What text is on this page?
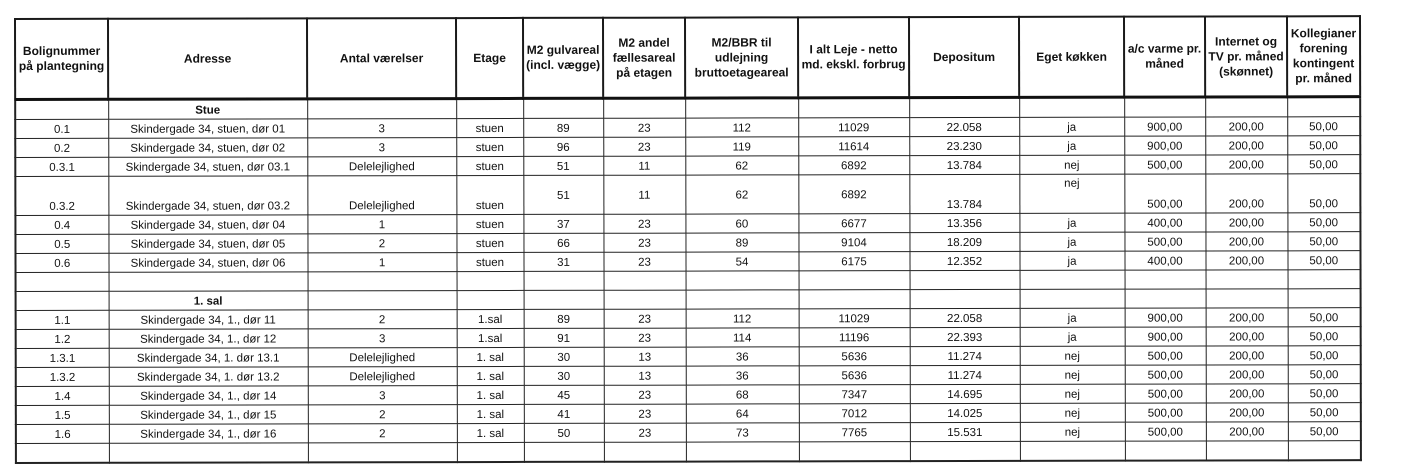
Bolignummer på plantegning	Adresse	Antal værelser	Etage	M2 gulvareal (incl. vægge)	M2 andel fællesareal på etagen	M2/BBR til udlejning bruttoetageareal	I alt Leje - netto md. ekskl. forbrug	Depositum	Eget køkken	a/c varme pr. måned	Internet og TV pr. måned (skønnet)	Kollegianer forening kontingent pr. måned
	Stue											
0.1	Skindergade 34, stuen, dør 01	3	stuen	89	23	112	11029	22.058	ja	900,00	200,00	50,00
0.2	Skindergade 34, stuen, dør 02	3	stuen	96	23	119	11614	23.230	ja	900,00	200,00	50,00
0.3.1	Skindergade 34, stuen, dør 03.1	Delelejlighed	stuen	51	11	62	6892	13.784	nej	500,00	200,00	50,00
0.3.2	Skindergade 34, stuen, dør 03.2	Delelejlighed	stuen	51	11	62	6892	13.784	nej	500,00	200,00	50,00
0.4	Skindergade 34, stuen, dør 04	1	stuen	37	23	60	6677	13.356	ja	400,00	200,00	50,00
0.5	Skindergade 34, stuen, dør 05	2	stuen	66	23	89	9104	18.209	ja	500,00	200,00	50,00
0.6	Skindergade 34, stuen, dør 06	1	stuen	31	23	54	6175	12.352	ja	400,00	200,00	50,00

	1. sal											
1.1	Skindergade 34, 1., dør 11	2	1.sal	89	23	112	11029	22.058	ja	900,00	200,00	50,00
1.2	Skindergade 34, 1., dør 12	3	1.sal	91	23	114	11196	22.393	ja	900,00	200,00	50,00
1.3.1	Skindergade 34, 1. dør 13.1	Delelejlighed	1. sal	30	13	36	5636	11.274	nej	500,00	200,00	50,00
1.3.2	Skindergade 34, 1. dør 13.2	Delelejlighed	1. sal	30	13	36	5636	11.274	nej	500,00	200,00	50,00
1.4	Skindergade 34, 1., dør 14	3	1. sal	45	23	68	7347	14.695	nej	500,00	200,00	50,00
1.5	Skindergade 34, 1., dør 15	2	1. sal	41	23	64	7012	14.025	nej	500,00	200,00	50,00
1.6	Skindergade 34, 1., dør 16	2	1. sal	50	23	73	7765	15.531	nej	500,00	200,00	50,00
